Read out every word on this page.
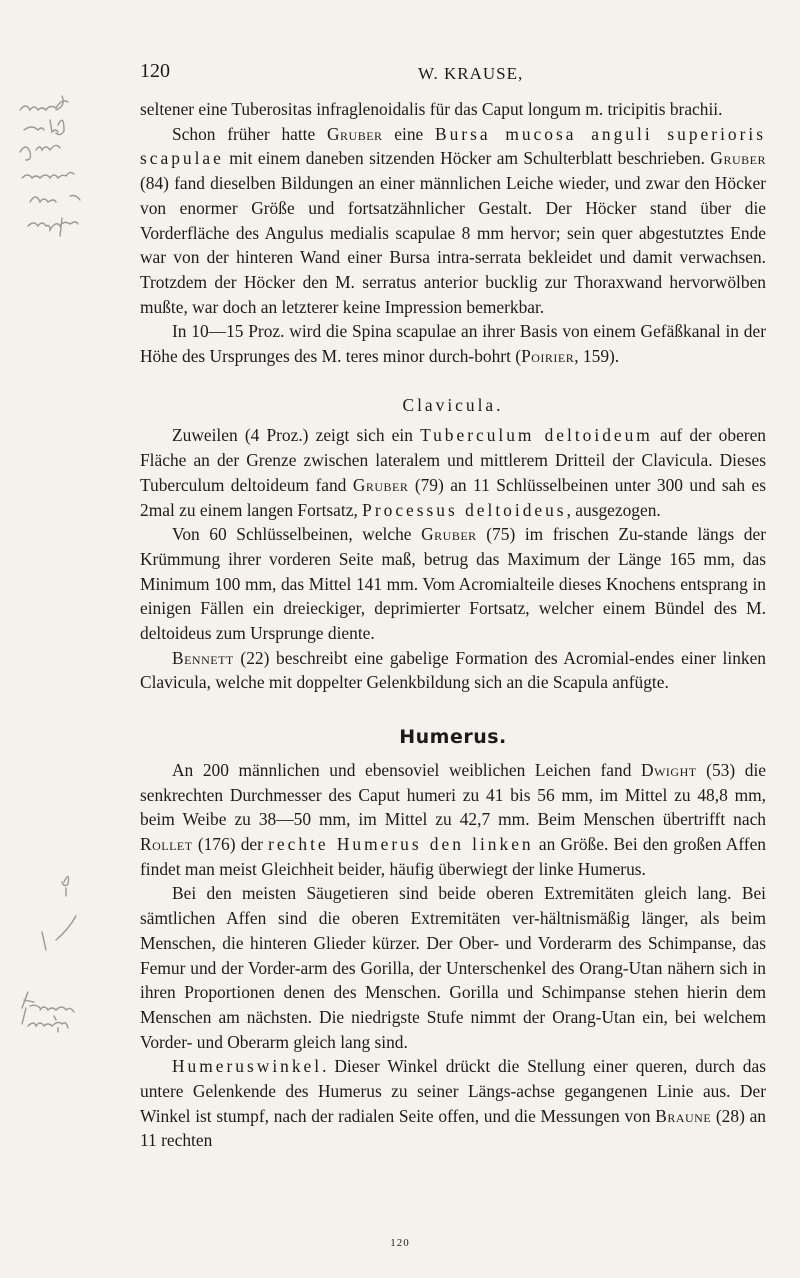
120	W. KRAUSE,

seltener eine Tuberositas infraglenoidalis für das Caput longum m. tricipitis brachii.

Schon früher hatte Gruber eine Bursa mucosa anguli superioris scapulae mit einem daneben sitzenden Höcker am Schulterblatt beschrieben. Gruber (84) fand dieselben Bildungen an einer männlichen Leiche wieder, und zwar den Höcker von enormer Größe und fortsatzähnlicher Gestalt. Der Höcker stand über die Vorderfläche des Angulus medialis scapulae 8 mm hervor; sein quer abgestutztes Ende war von der hinteren Wand einer Bursa intra-serrata bekleidet und damit verwachsen. Trotzdem der Höcker den M. serratus anterior bucklig zur Thoraxwand hervorwölben mußte, war doch an letzterer keine Impression bemerkbar.

In 10—15 Proz. wird die Spina scapulae an ihrer Basis von einem Gefäßkanal in der Höhe des Ursprunges des M. teres minor durch-bohrt (Poirier, 159).

Clavicula.

Zuweilen (4 Proz.) zeigt sich ein Tuberculum deltoideum auf der oberen Fläche an der Grenze zwischen lateralem und mittlerem Dritteil der Clavicula. Dieses Tuberculum deltoideum fand Gruber (79) an 11 Schlüsselbeinen unter 300 und sah es 2mal zu einem langen Fortsatz, Processus deltoideus, ausgezogen.

Von 60 Schlüsselbeinen, welche Gruber (75) im frischen Zu-stande längs der Krümmung ihrer vorderen Seite maß, betrug das Maximum der Länge 165 mm, das Minimum 100 mm, das Mittel 141 mm. Vom Acromialteile dieses Knochens entsprang in einigen Fällen ein dreieckiger, deprimierter Fortsatz, welcher einem Bündel des M. deltoideus zum Ursprunge diente.

Bennett (22) beschreibt eine gabelige Formation des Acromial-endes einer linken Clavicula, welche mit doppelter Gelenkbildung sich an die Scapula anfügte.

Humerus.

An 200 männlichen und ebensoviel weiblichen Leichen fand Dwight (53) die senkrechten Durchmesser des Caput humeri zu 41 bis 56 mm, im Mittel zu 48,8 mm, beim Weibe zu 38—50 mm, im Mittel zu 42,7 mm. Beim Menschen übertrifft nach Rollet (176) der rechte Humerus den linken an Größe. Bei den großen Affen findet man meist Gleichheit beider, häufig überwiegt der linke Humerus.

Bei den meisten Säugetieren sind beide oberen Extremitäten gleich lang. Bei sämtlichen Affen sind die oberen Extremitäten ver-hältnismäßig länger, als beim Menschen, die hinteren Glieder kürzer. Der Ober- und Vorderarm des Schimpanse, das Femur und der Vorder-arm des Gorilla, der Unterschenkel des Orang-Utan nähern sich in ihren Proportionen denen des Menschen. Gorilla und Schimpanse stehen hierin dem Menschen am nächsten. Die niedrigste Stufe nimmt der Orang-Utan ein, bei welchem Vorder- und Oberarm gleich lang sind.

Humeruswinkel. Dieser Winkel drückt die Stellung einer queren, durch das untere Gelenkende des Humerus zu seiner Längs-achse gegangenen Linie aus. Der Winkel ist stumpf, nach der radialen Seite offen, und die Messungen von Braune (28) an 11 rechten

120
